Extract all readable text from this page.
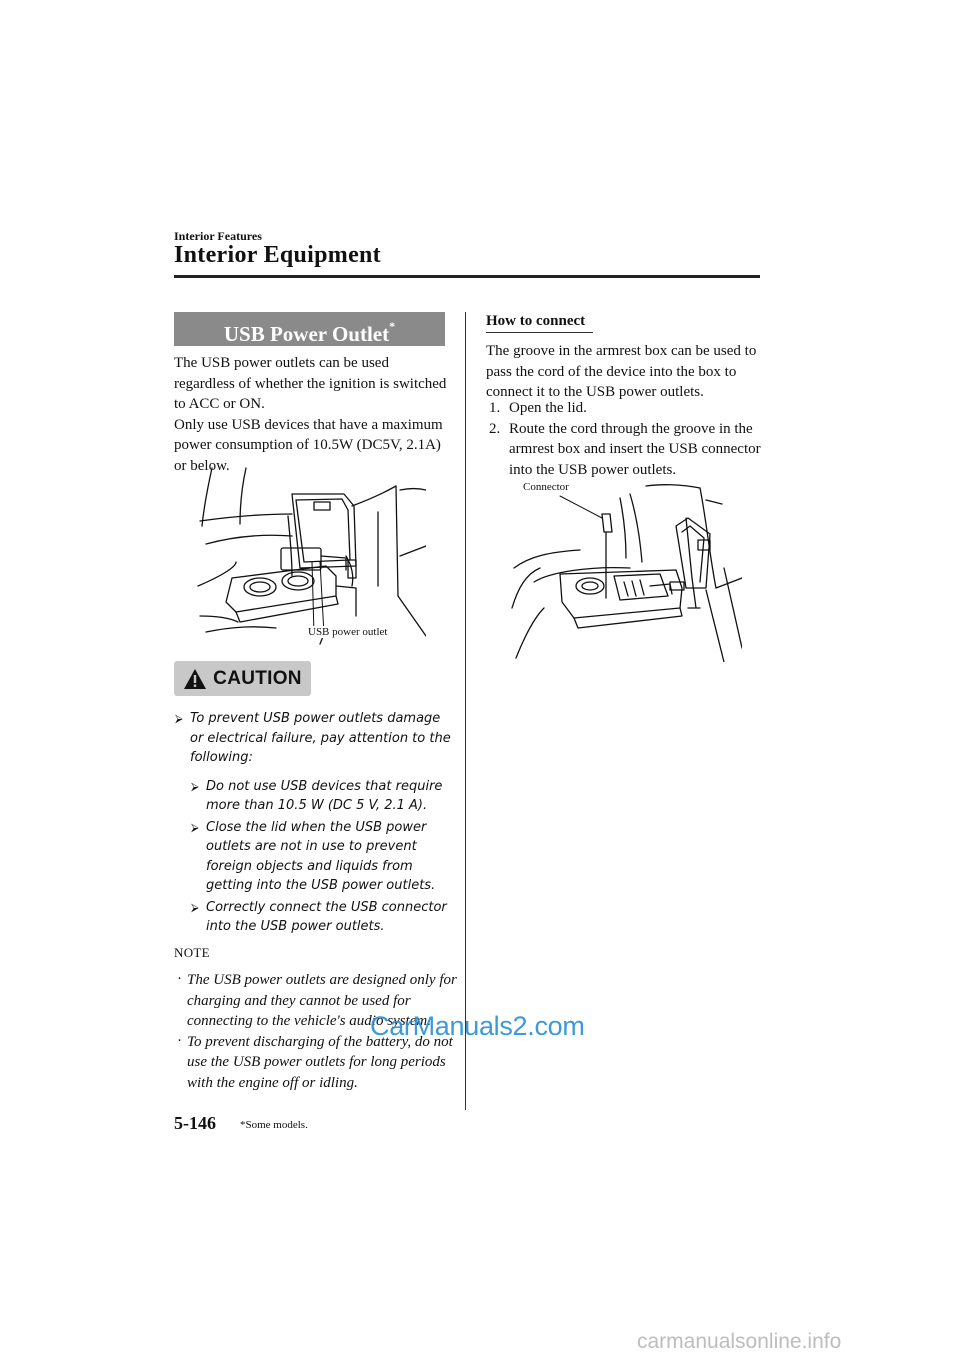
Interior Features
Interior Equipment
USB Power Outlet*

The USB power outlets can be used regardless of whether the ignition is switched to ACC or ON.

Only use USB devices that have a maximum power consumption of 10.5W (DC5V, 2.1A) or below.

USB power outlet
CAUTION
⮚ To prevent USB power outlets damage or electrical failure, pay attention to the following:
⮚ Do not use USB devices that require more than 10.5 W (DC 5 V, 2.1 A).
⮚ Close the lid when the USB power outlets are not in use to prevent foreign objects and liquids from getting into the USB power outlets.
⮚ Correctly connect the USB connector into the USB power outlets.
NOTE
· The USB power outlets are designed only for charging and they cannot be used for connecting to the vehicle's audio system.
· To prevent discharging of the battery, do not use the USB power outlets for long periods with the engine off or idling.
How to connect
The groove in the armrest box can be used to pass the cord of the device into the box to connect it to the USB power outlets.
1. Open the lid.
2. Route the cord through the groove in the armrest box and insert the USB connector into the USB power outlets.
Connector
5-146 *Some models.
CarManuals2.com
carmanualsonline.info
